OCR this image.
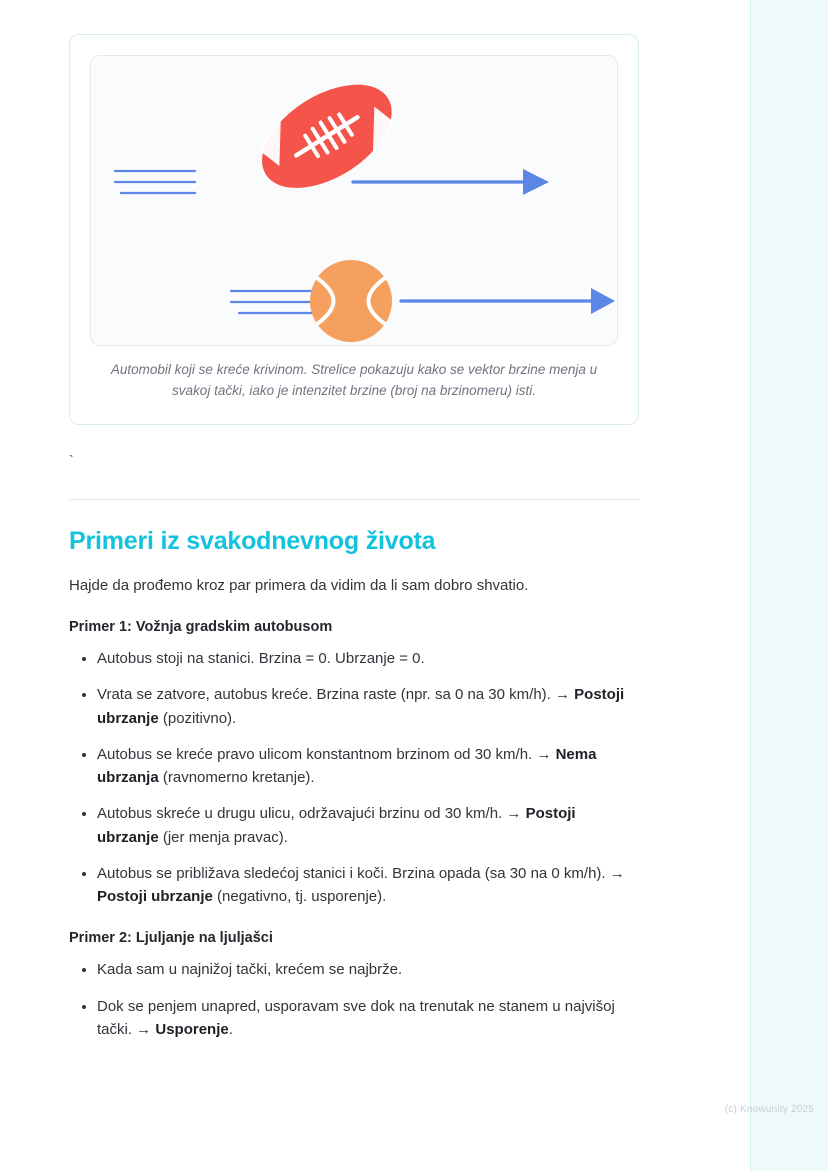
Automobil koji se kreće krivinom. Strelice pokazuju kako se vektor brzine menja u svakoj tački, iako je intenzitet brzine (broj na brzinomeru) isti.
`
Primeri iz svakodnevnog života

Hajde da prođemo kroz par primera da vidim da li sam dobro shvatio.

Primer 1: Vožnja gradskim autobusom
• Autobus stoji na stanici. Brzina = 0. Ubrzanje = 0.
• Vrata se zatvore, autobus kreće. Brzina raste (npr. sa 0 na 30 km/h). → Postoji ubrzanje (pozitivno).
• Autobus se kreće pravo ulicom konstantnom brzinom od 30 km/h. → Nema ubrzanja (ravnomerno kretanje).
• Autobus skreće u drugu ulicu, održavajući brzinu od 30 km/h. → Postoji ubrzanje (jer menja pravac).
• Autobus se približava sledećoj stanici i koči. Brzina opada (sa 30 na 0 km/h). → Postoji ubrzanje (negativno, tj. usporenje).
Primer 2: Ljuljanje na ljuljašci
• Kada sam u najnižoj tački, krećem se najbrže.
• Dok se penjem unapred, usporavam sve dok na trenutak ne stanem u najvišoj tački. → Usporenje.
(c) Knowunity 2025
